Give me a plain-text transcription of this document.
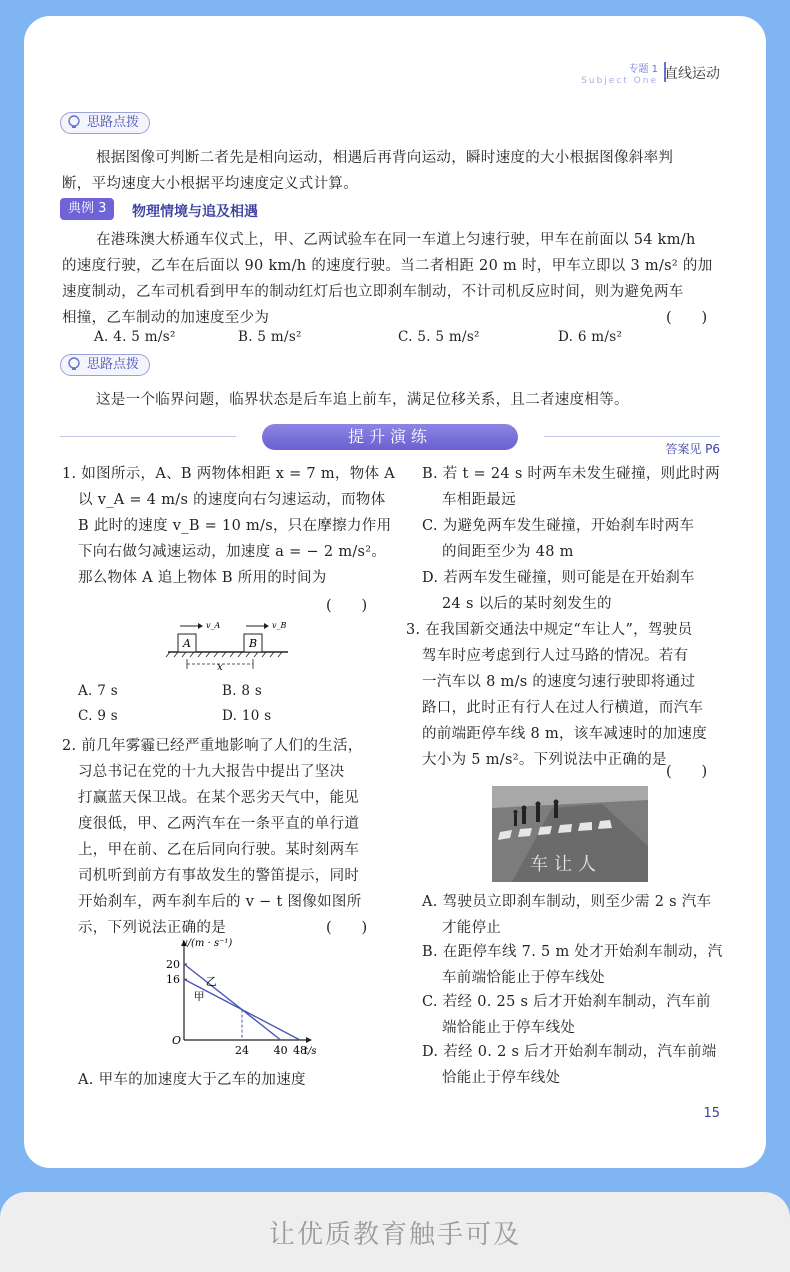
专题 1
Subject One 直线运动
思路点拨
根据图像可判断二者先是相向运动，相遇后再背向运动，瞬时速度的大小根据图像斜率判
断，平均速度大小根据平均速度定义式计算。
典例 3	物理情境与追及相遇
在港珠澳大桥通车仪式上，甲、乙两试验车在同一车道上匀速行驶，甲车在前面以 54 km/h
的速度行驶，乙车在后面以 90 km/h 的速度行驶。当二者相距 20 m 时，甲车立即以 3 m/s² 的加
速度制动，乙车司机看到甲车的制动红灯后也立即刹车制动，不计司机反应时间，则为避免两车
相撞，乙车制动的加速度至少为	(　　)
A. 4. 5 m/s²	B. 5 m/s²	C. 5. 5 m/s²	D. 6 m/s²
思路点拨
这是一个临界问题，临界状态是后车追上前车，满足位移关系，且二者速度相等。
提升演练
答案见 P6
1. 如图所示，A、B 两物体相距 x = 7 m，物体 A
以 v_A = 4 m/s 的速度向右匀速运动，而物体
B 此时的速度 v_B = 10 m/s，只在摩擦力作用
下向右做匀减速运动，加速度 a = − 2 m/s²。
那么物体 A 追上物体 B 所用的时间为
(　　)
A	B
v_A	v_B
x
A. 7 s	B. 8 s
C. 9 s	D. 10 s
2. 前几年雾霾已经严重地影响了人们的生活，
习总书记在党的十九大报告中提出了坚决
打赢蓝天保卫战。在某个恶劣天气中，能见
度很低，甲、乙两汽车在一条平直的单行道
上，甲在前、乙在后同向行驶。某时刻两车
司机听到前方有事故发生的警笛提示，同时
开始刹车，两车刹车后的 v − t 图像如图所
示，下列说法正确的是	(　　)
v/(m · s⁻¹)
t/s
O
16
20
24 40 48
乙
甲
A. 甲车的加速度大于乙车的加速度
B. 若 t = 24 s 时两车未发生碰撞，则此时两
车相距最远
C. 为避免两车发生碰撞，开始刹车时两车
的间距至少为 48 m
D. 若两车发生碰撞，则可能是在开始刹车
24 s 以后的某时刻发生的
3. 在我国新交通法中规定“车让人”，驾驶员
驾车时应考虑到行人过马路的情况。若有
一汽车以 8 m/s 的速度匀速行驶即将通过
路口，此时正有行人在过人行横道，而汽车
的前端距停车线 8 m，该车减速时的加速度
大小为 5 m/s²。下列说法中正确的是
(　　)
车让人
A. 驾驶员立即刹车制动，则至少需 2 s 汽车
才能停止
B. 在距停车线 7. 5 m 处才开始刹车制动，汽
车前端恰能止于停车线处
C. 若经 0. 25 s 后才开始刹车制动，汽车前
端恰能止于停车线处
D. 若经 0. 2 s 后才开始刹车制动，汽车前端
恰能止于停车线处
15
让优质教育触手可及
